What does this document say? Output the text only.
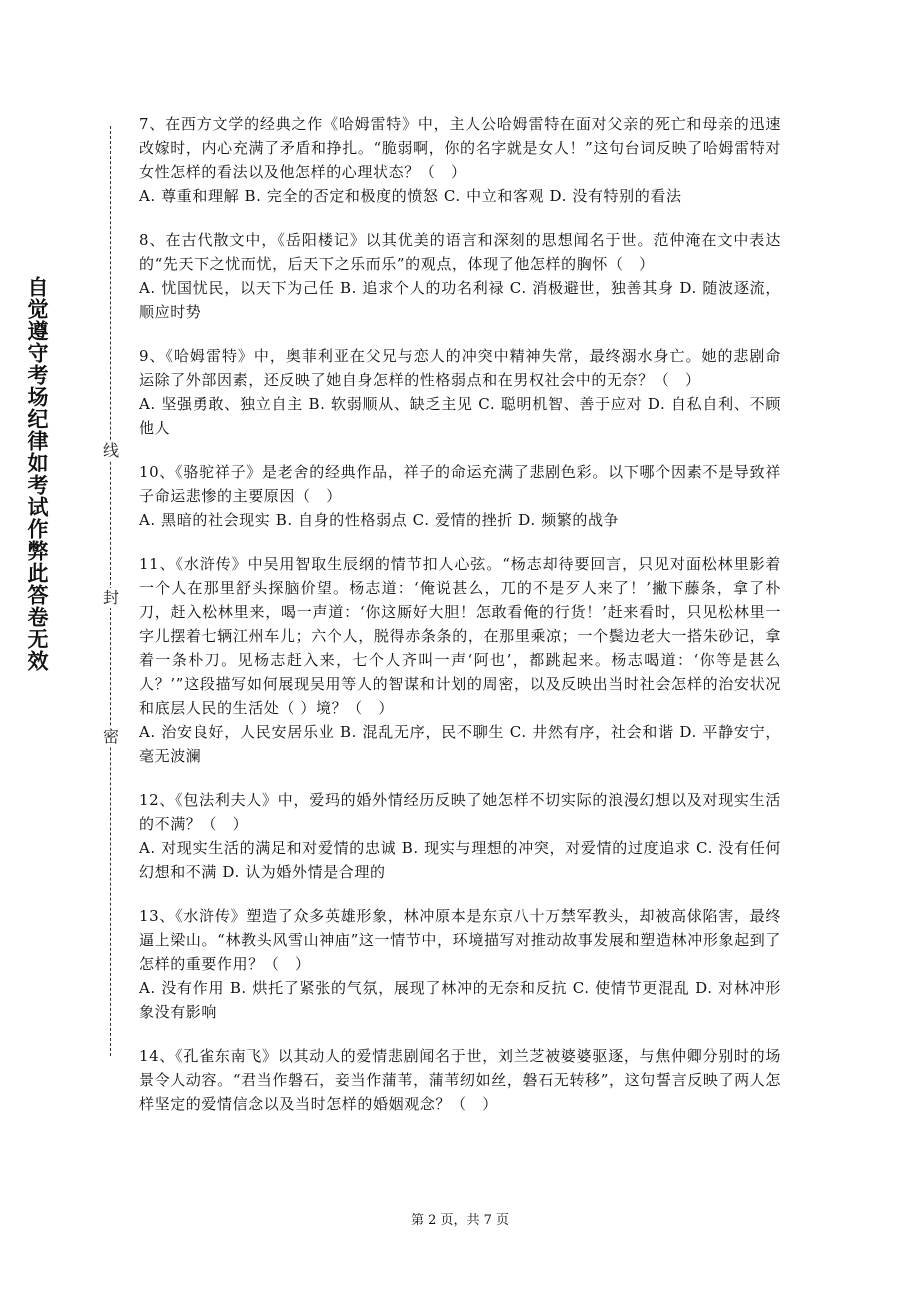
自觉遵守考场纪律如考试作弊此答卷无效	线
封
密

7、在西方文学的经典之作《哈姆雷特》中，主人公哈姆雷特在面对父亲的死亡和母亲的迅速改嫁时，内心充满了矛盾和挣扎。“脆弱啊，你的名字就是女人！”这句台词反映了哈姆雷特对女性怎样的看法以及他怎样的心理状态？（　）

A. 尊重和理解 B. 完全的否定和极度的愤怒 C. 中立和客观 D. 没有特别的看法

8、在古代散文中，《岳阳楼记》以其优美的语言和深刻的思想闻名于世。范仲淹在文中表达的“先天下之忧而忧，后天下之乐而乐”的观点，体现了他怎样的胸怀（　）

A. 忧国忧民，以天下为己任 B. 追求个人的功名利禄 C. 消极避世，独善其身 D. 随波逐流，顺应时势

9、《哈姆雷特》中，奥菲利亚在父兄与恋人的冲突中精神失常，最终溺水身亡。她的悲剧命运除了外部因素，还反映了她自身怎样的性格弱点和在男权社会中的无奈？（　）

A. 坚强勇敢、独立自主 B. 软弱顺从、缺乏主见 C. 聪明机智、善于应对 D. 自私自利、不顾他人

10、《骆驼祥子》是老舍的经典作品，祥子的命运充满了悲剧色彩。以下哪个因素不是导致祥子命运悲惨的主要原因（　）

A. 黑暗的社会现实 B. 自身的性格弱点 C. 爱情的挫折 D. 频繁的战争

11、《水浒传》中吴用智取生辰纲的情节扣人心弦。“杨志却待要回言，只见对面松林里影着一个人在那里舒头探脑价望。杨志道：‘俺说甚么，兀的不是歹人来了！’撇下藤条，拿了朴刀，赶入松林里来，喝一声道：‘你这厮好大胆！怎敢看俺的行货！’赶来看时，只见松林里一字儿摆着七辆江州车儿；六个人，脱得赤条条的，在那里乘凉；一个鬓边老大一搭朱砂记，拿着一条朴刀。见杨志赶入来，七个人齐叫一声‘阿也’，都跳起来。杨志喝道：‘你等是甚么人？’”这段描写如何展现吴用等人的智谋和计划的周密，以及反映出当时社会怎样的治安状况和底层人民的生活处（ ）境？（　）

A. 治安良好，人民安居乐业 B. 混乱无序，民不聊生 C. 井然有序，社会和谐 D. 平静安宁，毫无波澜

12、《包法利夫人》中，爱玛的婚外情经历反映了她怎样不切实际的浪漫幻想以及对现实生活的不满？（　）

A. 对现实生活的满足和对爱情的忠诚 B. 现实与理想的冲突，对爱情的过度追求 C. 没有任何幻想和不满 D. 认为婚外情是合理的

13、《水浒传》塑造了众多英雄形象，林冲原本是东京八十万禁军教头，却被高俅陷害，最终逼上梁山。“林教头风雪山神庙”这一情节中，环境描写对推动故事发展和塑造林冲形象起到了怎样的重要作用？（　）

A. 没有作用 B. 烘托了紧张的气氛，展现了林冲的无奈和反抗 C. 使情节更混乱 D. 对林冲形象没有影响

14、《孔雀东南飞》以其动人的爱情悲剧闻名于世，刘兰芝被婆婆驱逐，与焦仲卿分别时的场景令人动容。“君当作磐石，妾当作蒲苇，蒲苇纫如丝，磐石无转移”，这句誓言反映了两人怎样坚定的爱情信念以及当时怎样的婚姻观念？（　）

第 2 页，共 7 页
